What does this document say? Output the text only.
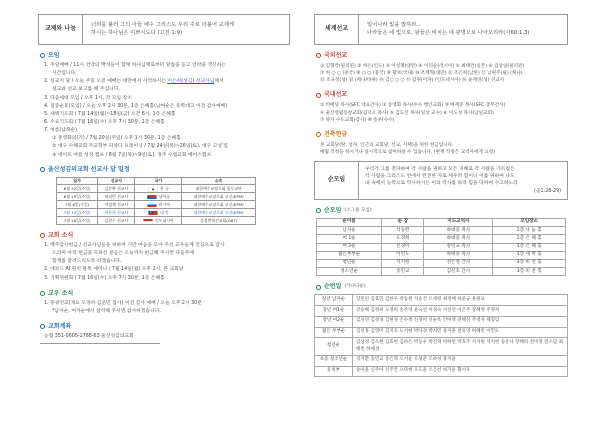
교제와 나눔
너희를 불러 그의 아들 예수 그리스도 우리 주로 더불어 교제케
하시는 하나님은 미쁘시도다 (고전 1:9)
모임
1. 주일예배 / 11시 언약의 백성들이 함께 하나님께로부터 말씀을 듣고 언약을 갱신하는
시간입니다.
2. 신교지 당 / 오늘 주일 오전 예배는 대만에서 사역하시는 이은희(성김) 선교사님께서
설교와 선교 보고를 해 주십니다.
3. 다음세대 모임 / 오후 1시, 각 모임 장소
4. 집중운동(모임) / 오늘 오후 2시 30분, 1층 은혜홀(남여순은 동쪽대고 이전 감사예배)
5. 새벽기도회 / 7월 14일(월)~18일(금) 오전 6시, 1층 은혜홀
6. 수요기도회 / 7월 16일(수) 오후 7시 30분, 1층 은혜홀
7. 여름(남북순)
① 총영화외(가) / 7월 20일(주일) 오후 1시 30분, 1층 은혜홀
② 대구 수해교회 주교학부 파라다 프레이닝 / 7월 24일(목)~26일(토), 대구 고성'집
③ 데이트 여름 성경 캠프 / 8월 7일(목)~9일(토), 경주 수엠교회 베이스캠프
울산성김의교회 선교사 달 일정
일자	선교사	국가	소속
6월 22일(주일)	김문완 선교사	한 국	대한예수교장로회 합동교단
6월 29일(주일)	허리빈 선교사	남아공	대한예수교장로회 고신(KPM)
7월 6일(주일)	이영채 선교사	러시아	대한예수교장로회 고신(KPM)
7월 13일(주일)	이은희 선교사	대 만	대한예수교장로회 고신(KPM)
7월 20일(주일)	김현수 선교사	인도네시아	성경번역선교회(GBT)
교회 소식
1. 백주감사헌금 / 선교사님들을 위하여 기만 마음을 모아 주신 교우들께 진심으로 감사
드리며 아직 헌금을 모하신 분들은 오늘까지 헌금해 주시면 다음주에
합계를 알려드리도록 하겠습니다.
2. 데브드 AI 원칙 블록 세미나 / 7월 14일(월) 오후 2시, 본 교회당
3. 기획위원회 / 7월 16일(수) 오후 7시 30분, 1층 은혜홀
교우 소식
1. 동광연교(재요 도경희·김준민 집사) 이전 감사 예배 / 오늘 오후 2시 30분
*남자순, 여자순에서 참석해 주시면 감사하겠습니다.
교회계좌
농협 351-0605-2788-63 울산성김의교회
세계선교
일어나라 빛을 발하라...
나라들은 네 빛으로, 왕들은 비치는 네 광명으로 나아오리라(사60:1,3)
국외선교
① 김형각(필리핀) ② 허은(인도) ③ 이성철(대만) ④ 이덕순(러시아) ⑤ 최태련(일본) ⑥ 김상일(필리핀)
⑦ 허 ○ ○ (중국) ⑧ ○ ○ (중국) ⑨ 황보(국내) ⑩ 조재혁(대만) ⑪ 조은희(남한) ⑫ 남원주(필) (케냐)
⑬ 조규성(성) 일 (케냐/바위) ⑭ 김○ ○ ○ ⑮ 김원(이파) (인도네시아) ⑯ 윤재연(성) 선교사
국내선교
① 비매녕 목사(SFC 대표간사) ② 송영화 목사(수수 행인교회) ③ 배재준 목사(SFC 총무간사)
④ 울산영립동창교회(김덕오 목사) ⑤ 김도신 목사(일상 교수) ⑥ 이도성 목사(남일교회)
⑦ 양자 수도교회(감사) ⑧ 송우(수수)
건축헌금
본 교회당(땅, 성자, 인근의 교회당, 선교, 사택)을 위한 헌금입니다.
매월 작정을 하시거나 일시적으로 참여하실 수 있습니다. (현재 작정은 교역자에게 요청)
순모임
우리가 그를 전파하여 각 사람을 권하고 모든 지혜로 각 사람을 가르침은
각 사람을 그리스도 안에서 완전한 자로 세우려 함이니 이를 위하여 나도
내 속에서 능력으로 역사하시는 이의 역사를 따라 힘을 다하여 수고하노라
(골1:28-29)
순모임 (소그룹 모임)
순이름	순 장	지도교역자	모임장소
남자순	석승완	하대중 목사	1층 나 눔 홀
여 1순	도경희	하대중 목사	1층 은 혜 홀
여 2순	신경미	송민교 목사	1층 은 혜 홀
젊은부부순	이민도	하대중 목사	1층 새 벽 홀
청년순	석지원	전은영 간사	3층 비 전 홀
청소년순	송민교	김선호 간사	3층 비 전 홀
순번일 (카나다순)
장년 남자순	장민된 김효민 김한우 박동원 석승진 오세원 최정배 하준규 홍원표
장년 여1순	강승해 김정희 도경희 송주영 윤숙연 이경숙 이상선 이은주 장혜영 주정자
장년 여2순	김사연 김정경 김현경 손수정 신경미 신순옥 안미영 전해선 추영자 채형임
젊은 부부순	김선홍 김영미 김지호 노서현 박다경 박지민 송지훈 전유영 허혜빈 이민도
청년순	김상경 김소현 김효현 김하은 박동우 박진혁 박하빈 박효주 석지원 석지현 송유나 장혜라 전미정 전소담 최혜빈 하예성
초등 청소년순	석지환 송민교 송은혁 오서윤 오성준 조하성 홍지율
유치부	송아윤 신주아 신주안 오다현 오도윤 오은선 허가윤 황서우
